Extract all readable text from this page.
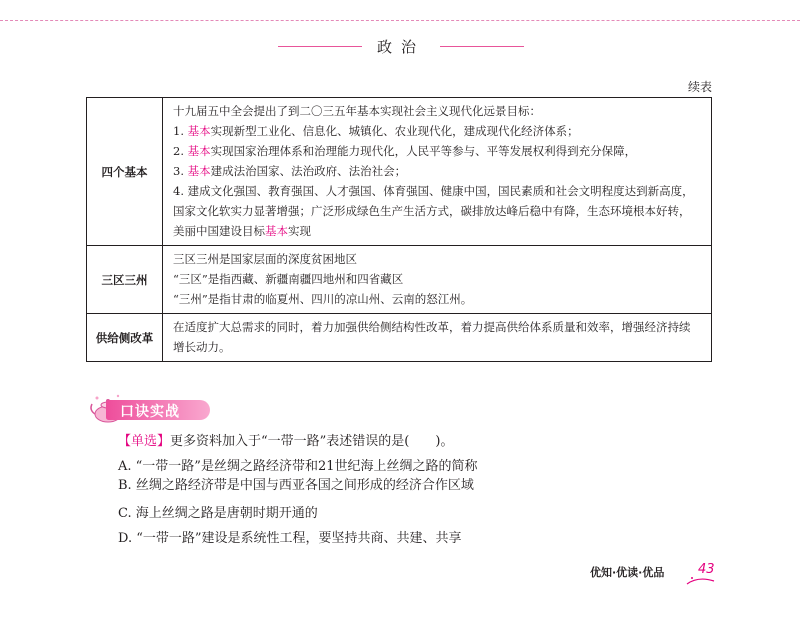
政治
续表
四个基本	十九届五中全会提出了到二〇三五年基本实现社会主义现代化远景目标：
1. 基本实现新型工业化、信息化、城镇化、农业现代化，建成现代化经济体系；
2. 基本实现国家治理体系和治理能力现代化，人民平等参与、平等发展权利得到充分保障，
3. 基本建成法治国家、法治政府、法治社会；
4. 建成文化强国、教育强国、人才强国、体育强国、健康中国，国民素质和社会文明程度达到新高度，国家文化软实力显著增强；广泛形成绿色生产生活方式，碳排放达峰后稳中有降，生态环境根本好转，美丽中国建设目标基本实现

三区三州	三区三州是国家层面的深度贫困地区
“三区”是指西藏、新疆南疆四地州和四省藏区
“三州”是指甘肃的临夏州、四川的凉山州、云南的怒江州。

供给侧改革	在适度扩大总需求的同时，着力加强供给侧结构性改革，着力提高供给体系质量和效率，增强经济持续增长动力。
口诀实战
【单选】更多资料加入于“一带一路”表述错误的是(　　)。
A. “一带一路”是丝绸之路经济带和21世纪海上丝绸之路的简称
B. 丝绸之路经济带是中国与西亚各国之间形成的经济合作区域
C. 海上丝绸之路是唐朝时期开通的
D. “一带一路”建设是系统性工程，要坚持共商、共建、共享
优知·优读·优品	43
